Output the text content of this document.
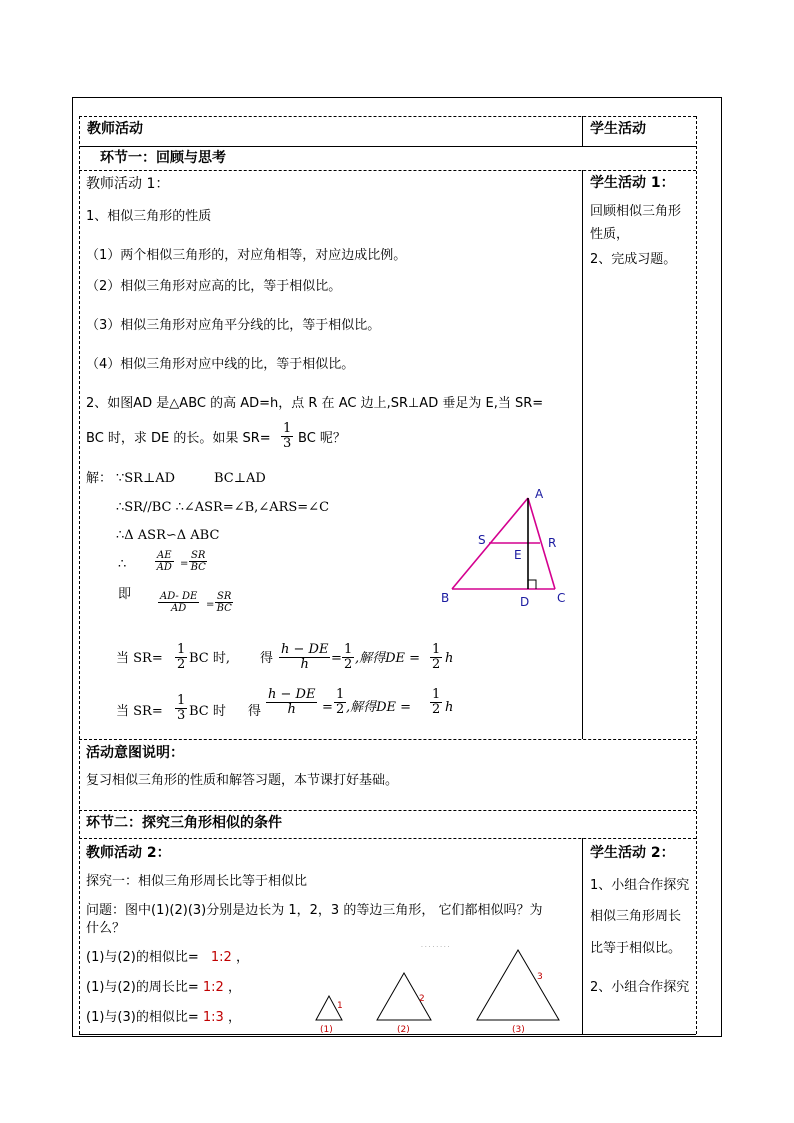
教师活动	学生活动
环节一：回顾与思考
教师活动 1：
1、相似三角形的性质
（1）两个相似三角形的，对应角相等，对应边成比例。
（2）相似三角形对应高的比，等于相似比。
（3）相似三角形对应角平分线的比，等于相似比。
（4）相似三角形对应中线的比，等于相似比。
2、如图AD 是△ABC 的高 AD=h，点 R 在 AC 边上,SR⊥AD 垂足为 E,当 SR=
BC 时，求 DE 的长。如果 $SR= \frac{1}{3}$ BC 呢？
解： ∵SR⊥AD	BC⊥AD
∴SR//BC ∴∠ASR=∠B,∠ARS=∠C
∴Δ ASR∽Δ ABC
∴	$\frac{AE}{AD} = \frac{SR}{BC}$
即	$\frac{AD- DE}{AD} = \frac{SR}{BC}$
当 $SR= \frac{1}{2}$ BC 时, 得 $\frac{h - DE}{h} = \frac{1}{2}$ ,解得DE = $\frac{1}{2}$ h
当 $SR= \frac{1}{3}$ BC 时 得 $\frac{h - DE}{h} = \frac{1}{2}$ ,解得DE = $\frac{1}{2}$ h
A
S	R
E
B	D C
学生活动 1：
回顾相似三角形
性质，
2、完成习题。
活动意图说明：
复习相似三角形的性质和解答习题，本节课打好基础。
环节二：探究三角形相似的条件
教师活动 2：
探究一：相似三角形周长比等于相似比
问题：图中(1)(2)(3)分别是边长为 1，2，3 的等边三角形， 它们都相似吗？为
什么？
(1)与(2)的相似比= 1:2 ，
(1)与(2)的周长比= 1:2 ，
(1)与(3)的相似比= 1:3 ，
· · · · · · · ·
1
2
3
(1)	(2)	(3)
学生活动 2：
1、小组合作探究
相似三角形周长
比等于相似比。
2、小组合作探究
